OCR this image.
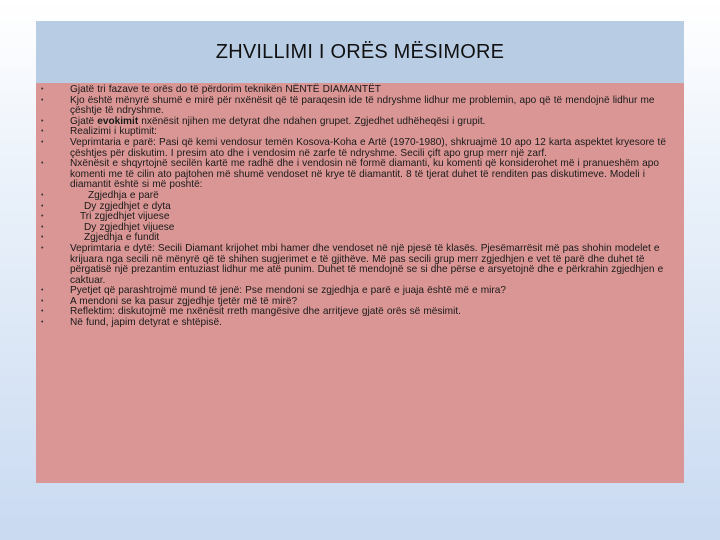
ZHVILLIMI I ORËS MËSIMORE
•	Gjatë tri fazave te orës do të përdorim teknikën NËNTË DIAMANTËT
•	Kjo është mënyrë shumë e mirë për nxënësit që të paraqesin ide të ndryshme lidhur me problemin, apo që të mendojnë lidhur me çështje të ndryshme.
•	Gjatë evokimit nxënësit njihen me detyrat dhe ndahen grupet. Zgjedhet udhëheqësi i grupit.
•	Realizimi i kuptimit:
•	Veprimtaria e parë: Pasi që kemi vendosur temën Kosova-Koha e Artë (1970-1980), shkruajmë 10 apo 12 karta aspektet kryesore të çështjes për diskutim. I presim ato dhe i vendosim në zarfe të ndryshme. Secili çift apo grup merr një zarf.
•	Nxënësit e shqyrtojnë secilën kartë me radhë dhe i vendosin në formë diamanti, ku komenti që konsiderohet më i pranueshëm apo komenti me të cilin ato pajtohen më shumë vendoset në krye të diamantit. 8 të tjerat duhet të renditen pas diskutimeve. Modeli i diamantit është si më poshtë:
•	Zgjedhja e parë
•	Dy zgjedhjet e dyta
•	Tri zgjedhjet vijuese
•	Dy zgjedhjet vijuese
•	Zgjedhja e fundit
•	Veprimtaria e dytë: Secili Diamant krijohet mbi hamer dhe vendoset në një pjesë të klasës. Pjesëmarrësit më pas shohin modelet e krijuara nga secili në mënyrë që të shihen sugjerimet e të gjithëve. Më pas secili grup merr zgjedhjen e vet të parë dhe duhet të përgatisë një prezantim entuziast lidhur me atë punim. Duhet të mendojnë se si dhe përse e arsyetojnë dhe e përkrahin zgjedhjen e caktuar.
•	Pyetjet që parashtrojmë mund të jenë: Pse mendoni se zgjedhja e parë e juaja është më e mira?
•	A mendoni se ka pasur zgjedhje tjetër më të mirë?
•	Reflektim: diskutojmë me nxënësit rreth mangësive dhe arritjeve gjatë orës së mësimit.
•	Në fund, japim detyrat e shtëpisë.
